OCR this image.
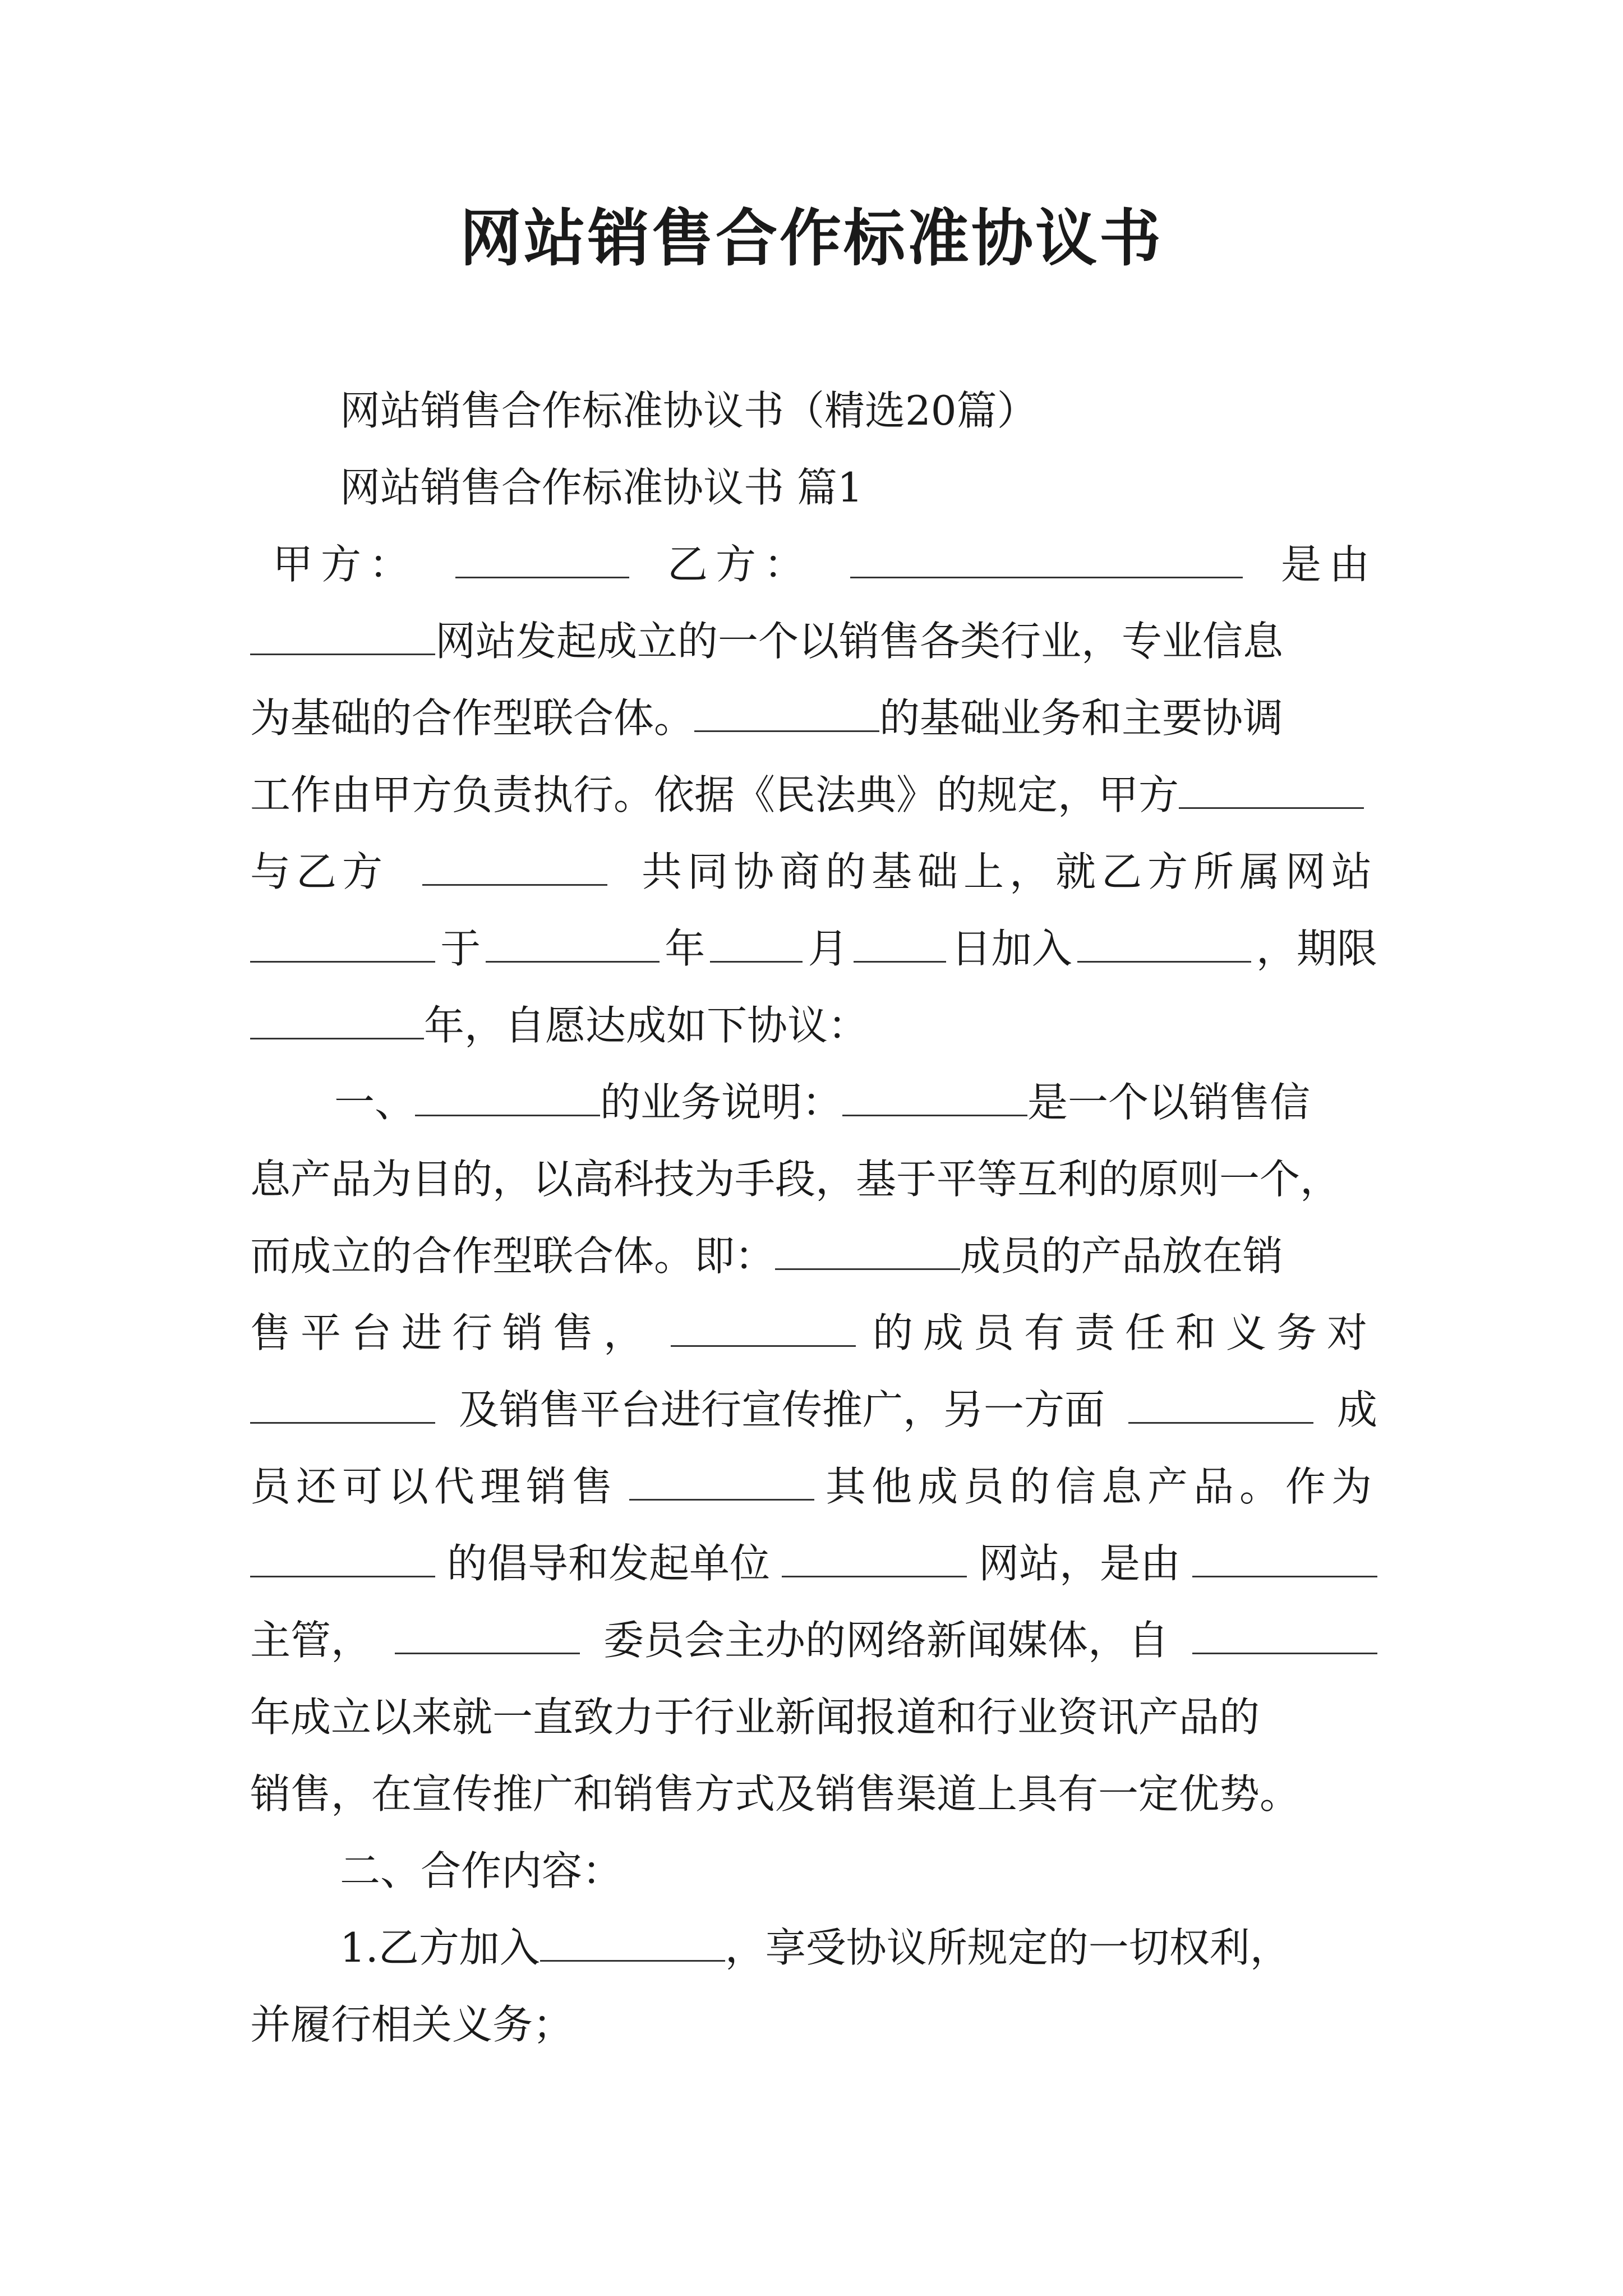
网站销售合作标准协议书
网站销售合作标准协议书（精选20篇）
网站销售合作标准协议书 篇1
甲方：	乙方：	是由
网站发起成立的一个以销售各类行业，专业信息
为基础的合作型联合体。	的基础业务和主要协调
工作由甲方负责执行。依据《民法典》的规定，甲方
与乙方	共同协商的基础上，就乙方所属网站
于	年	月	日加入	，期限
年，自愿达成如下协议：
一、	的业务说明：	是一个以销售信
息产品为目的，以高科技为手段，基于平等互利的原则一个，
而成立的合作型联合体。即：	成员的产品放在销
售平台进行销售，	的成员有责任和义务对
及销售平台进行宣传推广，另一方面	成
员还可以代理销售	其他成员的信息产品。作为
的倡导和发起单位	网站，是由
主管，	委员会主办的网络新闻媒体，自
年成立以来就一直致力于行业新闻报道和行业资讯产品的
销售，在宣传推广和销售方式及销售渠道上具有一定优势。
二、合作内容：
1.乙方加入	，享受协议所规定的一切权利，
并履行相关义务；
